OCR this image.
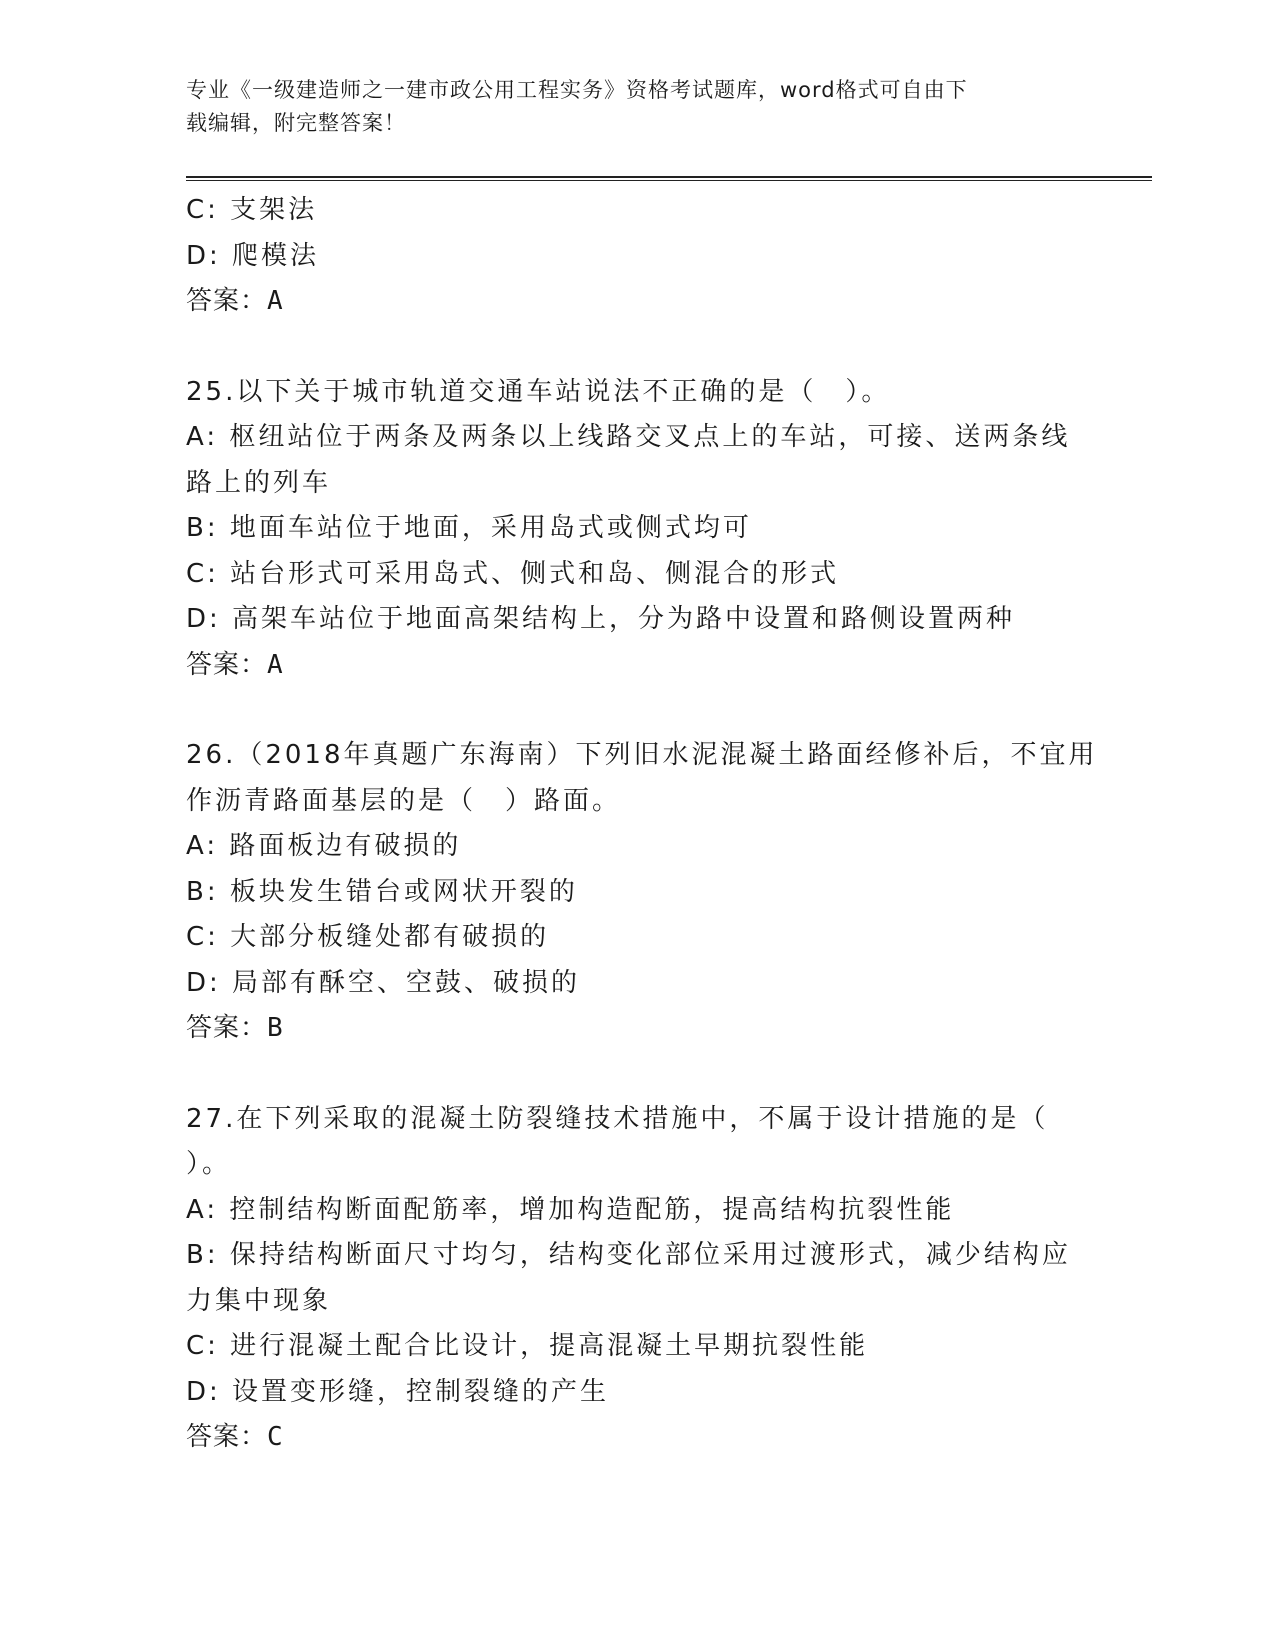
专业《一级建造师之一建市政公用工程实务》资格考试题库，word格式可自由下
载编辑，附完整答案！

C: 支架法

D: 爬模法

答案：A

25.以下关于城市轨道交通车站说法不正确的是（　）。

A: 枢纽站位于两条及两条以上线路交叉点上的车站，可接、送两条线

路上的列车

B: 地面车站位于地面，采用岛式或侧式均可

C: 站台形式可采用岛式、侧式和岛、侧混合的形式

D: 高架车站位于地面高架结构上，分为路中设置和路侧设置两种

答案：A

26.（2018年真题广东海南）下列旧水泥混凝土路面经修补后，不宜用

作沥青路面基层的是（　）路面。

A: 路面板边有破损的

B: 板块发生错台或网状开裂的

C: 大部分板缝处都有破损的

D: 局部有酥空、空鼓、破损的

答案：B

27.在下列采取的混凝土防裂缝技术措施中，不属于设计措施的是（

）。

A: 控制结构断面配筋率，增加构造配筋，提高结构抗裂性能

B: 保持结构断面尺寸均匀，结构变化部位采用过渡形式，减少结构应

力集中现象

C: 进行混凝土配合比设计，提高混凝土早期抗裂性能

D: 设置变形缝，控制裂缝的产生

答案：C
